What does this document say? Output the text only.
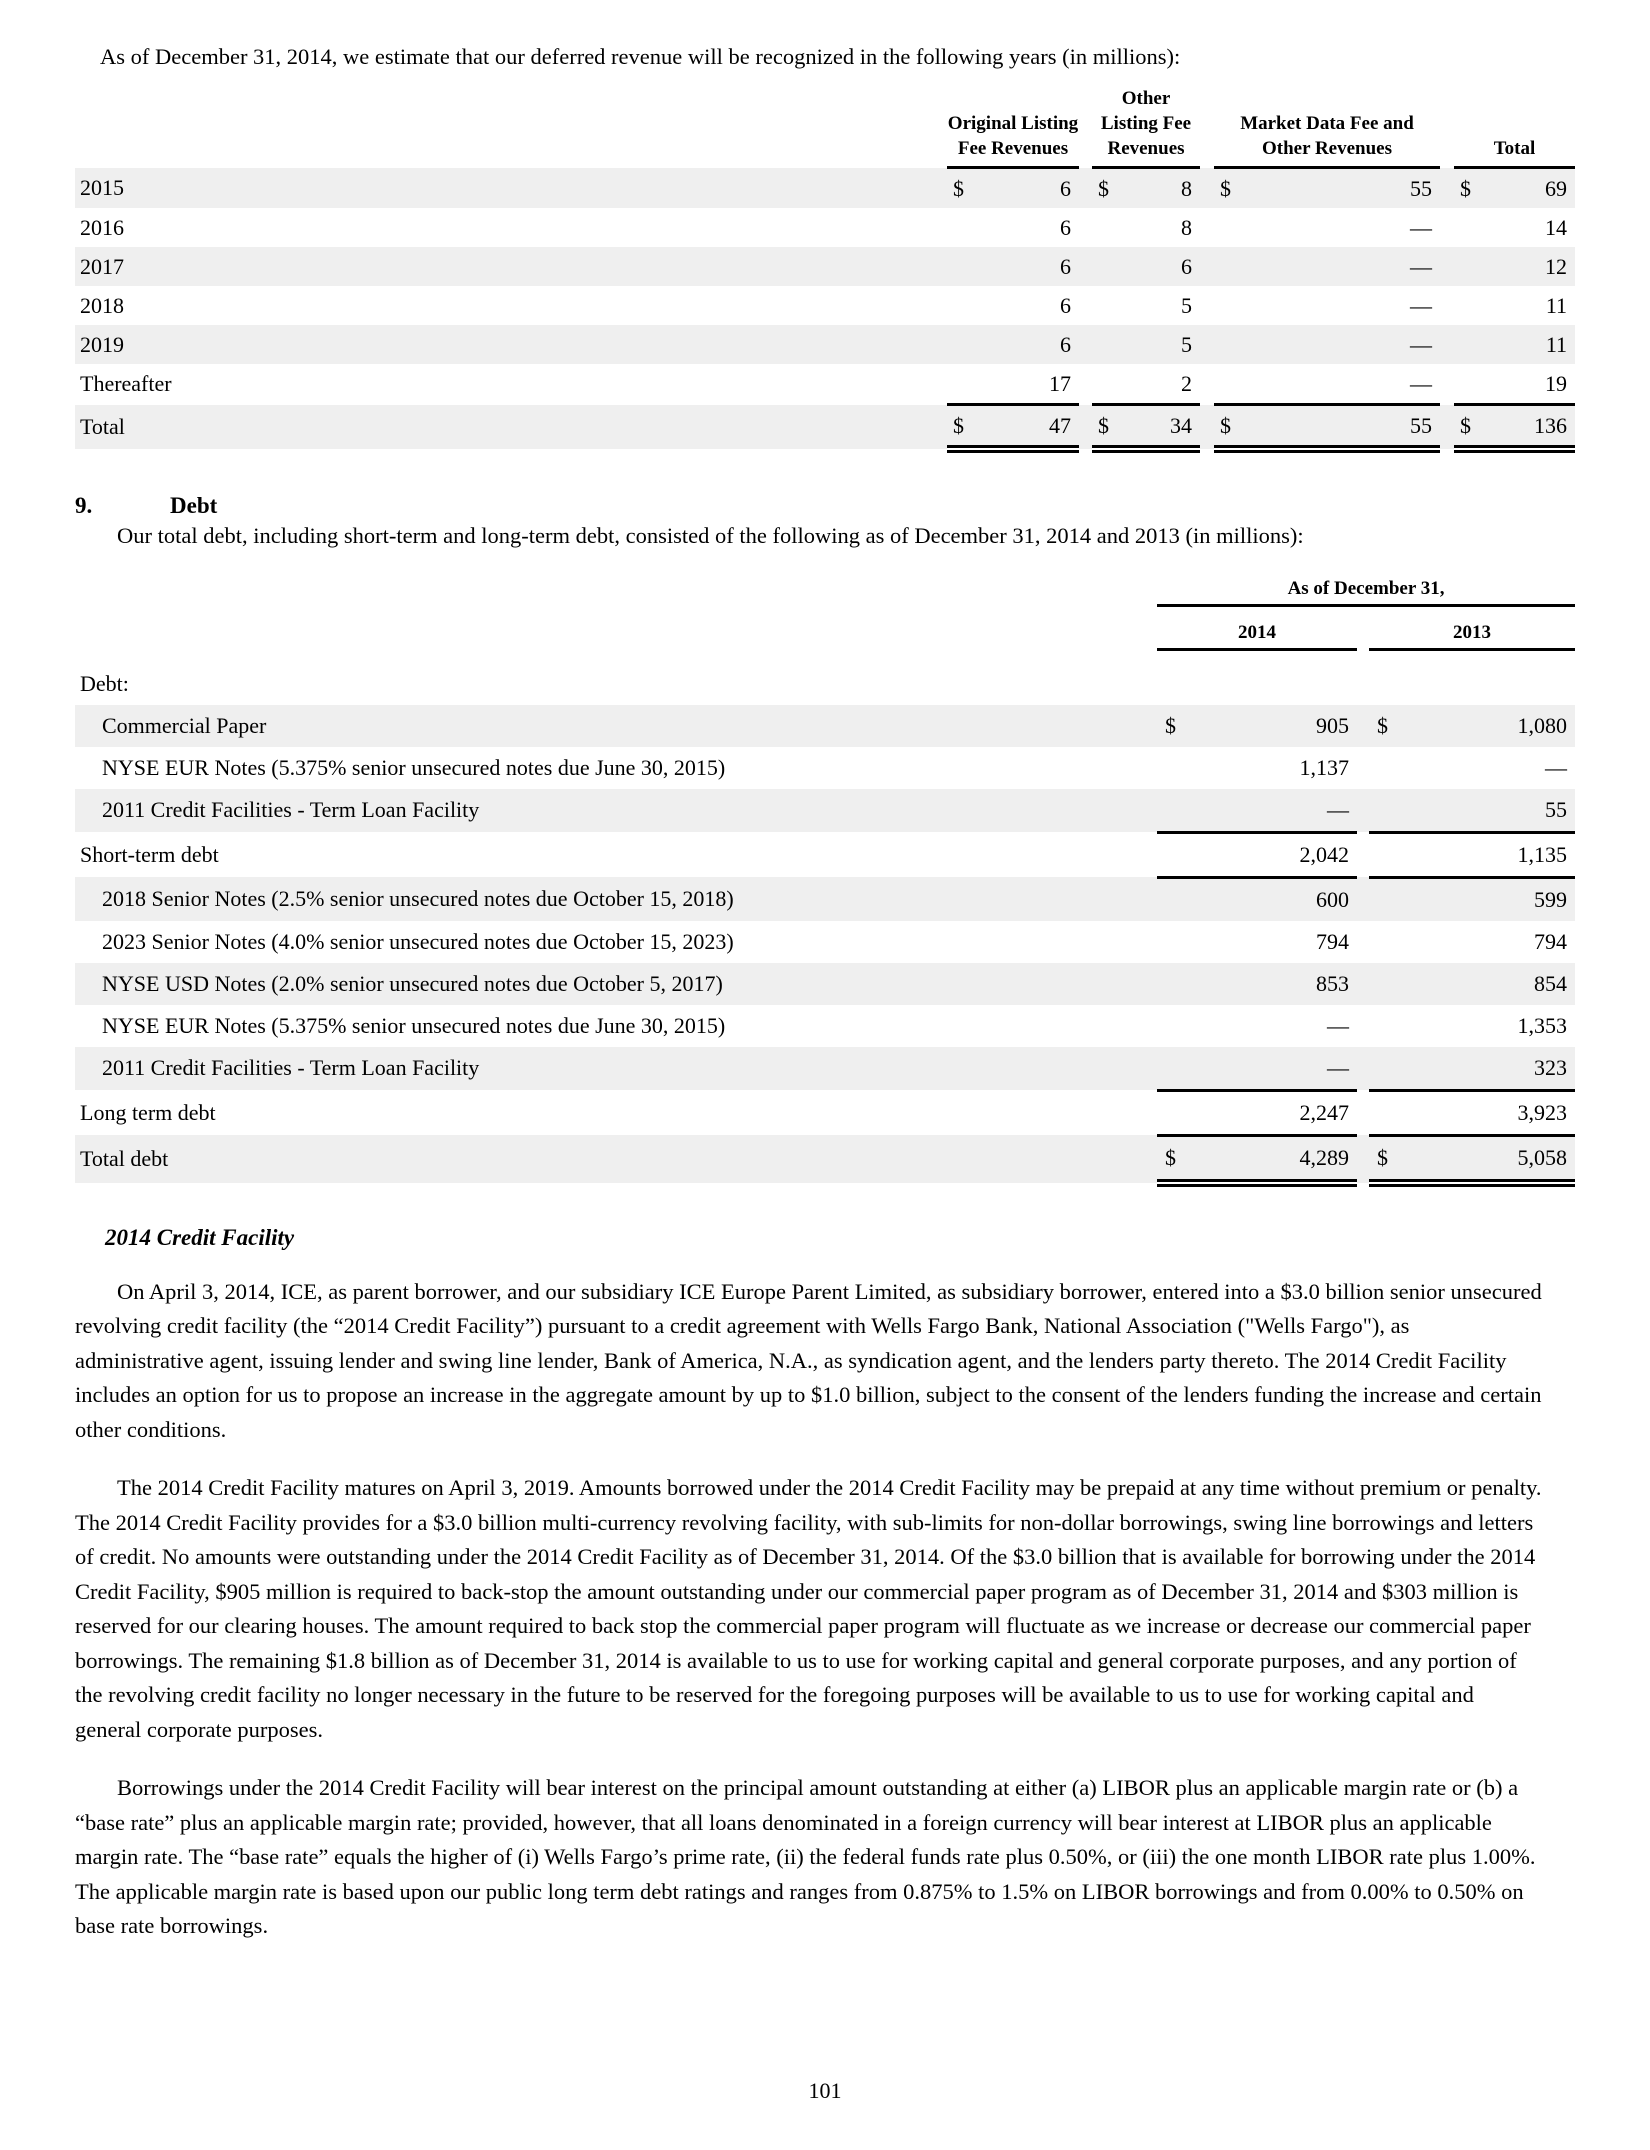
As of December 31, 2014, we estimate that our deferred revenue will be recognized in the following years (in millions):

	Original Listing Fee Revenues			Other Listing Fee Revenues			Market Data Fee and Other Revenues			Total	
2015	$	6		$	8		$	55		$	69
2016		6			8			—			14
2017		6			6			—			12
2018		6			5			—			11
2019		6			5			—			11
Thereafter		17			2			—			19
Total	$	47		$	34		$	55		$	136
9.	Debt

Our total debt, including short-term and long-term debt, consisted of the following as of December 31, 2014 and 2013 (in millions):

	As of December 31,				
	2014			2013	

Debt:					
Commercial Paper	$	905		$	1,080
NYSE EUR Notes (5.375% senior unsecured notes due June 30, 2015)		1,137			—
2011 Credit Facilities - Term Loan Facility		—			55
Short-term debt		2,042			1,135
2018 Senior Notes (2.5% senior unsecured notes due October 15, 2018)		600			599
2023 Senior Notes (4.0% senior unsecured notes due October 15, 2023)		794			794
NYSE USD Notes (2.0% senior unsecured notes due October 5, 2017)		853			854
NYSE EUR Notes (5.375% senior unsecured notes due June 30, 2015)		—			1,353
2011 Credit Facilities - Term Loan Facility		—			323
Long term debt		2,247			3,923
Total debt	$	4,289		$	5,058
2014 Credit Facility

On April 3, 2014, ICE, as parent borrower, and our subsidiary ICE Europe Parent Limited, as subsidiary borrower, entered into a $3.0 billion senior unsecured revolving credit facility (the “2014 Credit Facility”) pursuant to a credit agreement with Wells Fargo Bank, National Association ("Wells Fargo"), as administrative agent, issuing lender and swing line lender, Bank of America, N.A., as syndication agent, and the lenders party thereto. The 2014 Credit Facility includes an option for us to propose an increase in the aggregate amount by up to $1.0 billion, subject to the consent of the lenders funding the increase and certain other conditions.

The 2014 Credit Facility matures on April 3, 2019. Amounts borrowed under the 2014 Credit Facility may be prepaid at any time without premium or penalty. The 2014 Credit Facility provides for a $3.0 billion multi-currency revolving facility, with sub-limits for non-dollar borrowings, swing line borrowings and letters of credit. No amounts were outstanding under the 2014 Credit Facility as of December 31, 2014. Of the $3.0 billion that is available for borrowing under the 2014 Credit Facility, $905 million is required to back-stop the amount outstanding under our commercial paper program as of December 31, 2014 and $303 million is reserved for our clearing houses. The amount required to back stop the commercial paper program will fluctuate as we increase or decrease our commercial paper borrowings. The remaining $1.8 billion as of December 31, 2014 is available to us to use for working capital and general corporate purposes, and any portion of the revolving credit facility no longer necessary in the future to be reserved for the foregoing purposes will be available to us to use for working capital and general corporate purposes.

Borrowings under the 2014 Credit Facility will bear interest on the principal amount outstanding at either (a) LIBOR plus an applicable margin rate or (b) a “base rate” plus an applicable margin rate; provided, however, that all loans denominated in a foreign currency will bear interest at LIBOR plus an applicable margin rate. The “base rate” equals the higher of (i) Wells Fargo’s prime rate, (ii) the federal funds rate plus 0.50%, or (iii) the one month LIBOR rate plus 1.00%. The applicable margin rate is based upon our public long term debt ratings and ranges from 0.875% to 1.5% on LIBOR borrowings and from 0.00% to 0.50% on base rate borrowings.

101
